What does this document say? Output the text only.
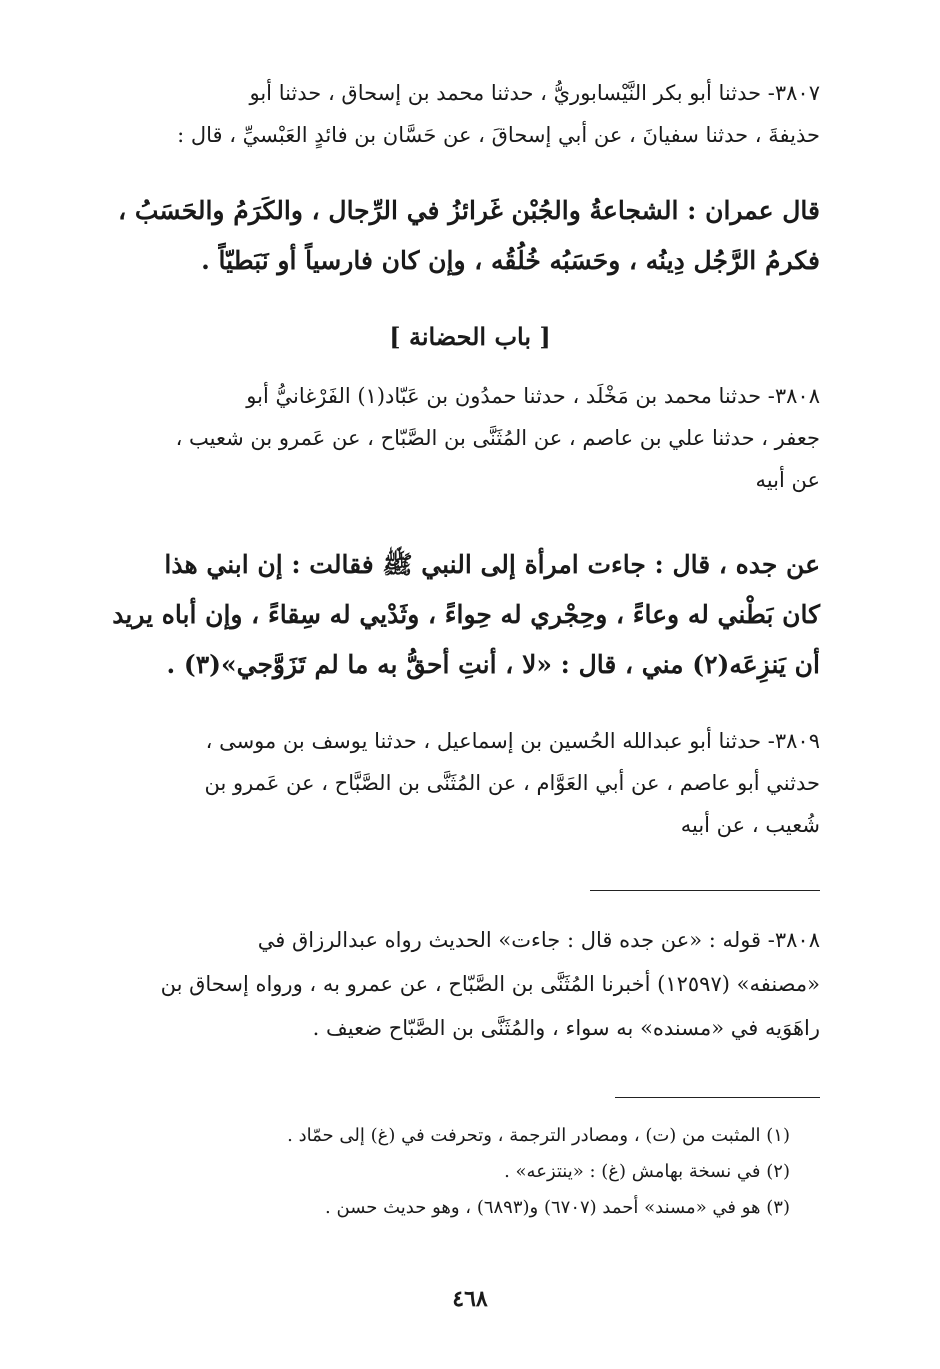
٣٨٠٧- حدثنا أبو بكر النَّيْسابوريُّ ، حدثنا محمد بن إسحاق ، حدثنا أبو
حذيفةَ ، حدثنا سفيانَ ، عن أبي إسحاقَ ، عن حَسَّان بن فائدٍ العَبْسيِّ ، قال :
قال عمران : الشجاعةُ والجُبْن غَرائزُ في الرِّجال ، والكَرَمُ والحَسَبُ ،
فكرمُ الرَّجُل دِينُه ، وحَسَبُه خُلُقُه ، وإن كان فارسياً أو نَبَطيّاً .
[ باب الحضانة ]
٣٨٠٨- حدثنا محمد بن مَخْلَد ، حدثنا حمدُون بن عَبّاد(١) الفَرْغانيُّ أبو
جعفر ، حدثنا علي بن عاصم ، عن المُثَنَّى بن الصَّبّاح ، عن عَمرو بن شعيب ،
عن أبيه
عن جده ، قال : جاءت امرأة إلى النبي ﷺ فقالت : إن ابني هذا
كان بَطْني له وعاءً ، وحِجْري له حِواءً ، وثَدْيي له سِقاءً ، وإن أباه يريد
أن يَنزِعَه(٢) مني ، قال : «لا ، أنتِ أحقُّ به ما لم تَزَوَّجي»(٣) .
٣٨٠٩- حدثنا أبو عبدالله الحُسين بن إسماعيل ، حدثنا يوسف بن موسى ،
حدثني أبو عاصم ، عن أبي العَوَّام ، عن المُثَنَّى بن الصَّبَّاح ، عن عَمرو بن
شُعيب ، عن أبيه
٣٨٠٨- قوله : «عن جده قال : جاءت» الحديث رواه عبدالرزاق في
«مصنفه» (١٢٥٩٧) أخبرنا المُثَنَّى بن الصَّبّاح ، عن عمرو به ، ورواه إسحاق بن
راهَوَيه في «مسنده» به سواء ، والمُثَنَّى بن الصَّبّاح ضعيف .
(١) المثبت من (ت) ، ومصادر الترجمة ، وتحرفت في (غ) إلى حمّاد .
(٢) في نسخة بهامش (غ) : «ينتزعه» .
(٣) هو في «مسند» أحمد (٦٧٠٧) و(٦٨٩٣) ، وهو حديث حسن .
٤٦٨
